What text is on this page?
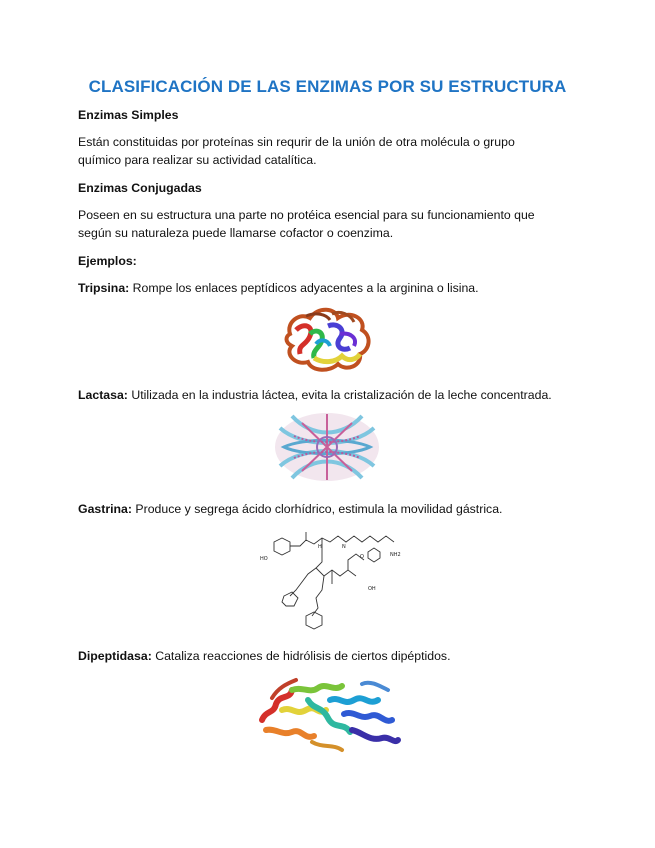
CLASIFICACIÓN DE LAS ENZIMAS POR SU ESTRUCTURA
Enzimas Simples
Están constituidas por proteínas sin requrir de la unión de otra molécula o grupo
químico para realizar su actividad catalítica.
Enzimas Conjugadas
Poseen en su estructura una parte no protéica esencial para su funcionamiento que
según su naturaleza puede llamarse cofactor o coenzima.
Ejemplos:
Tripsina: Rompe los enlaces peptídicos adyacentes a la arginina o lisina.
Lactasa: Utilizada en la industria láctea, evita la cristalización de la leche concentrada.
Gastrina: Produce y segrega ácido clorhídrico, estimula la movilidad gástrica.
HO
NH2
OH
H	N
O
Dipeptidasa: Cataliza reacciones de hidrólisis de ciertos dipéptidos.
